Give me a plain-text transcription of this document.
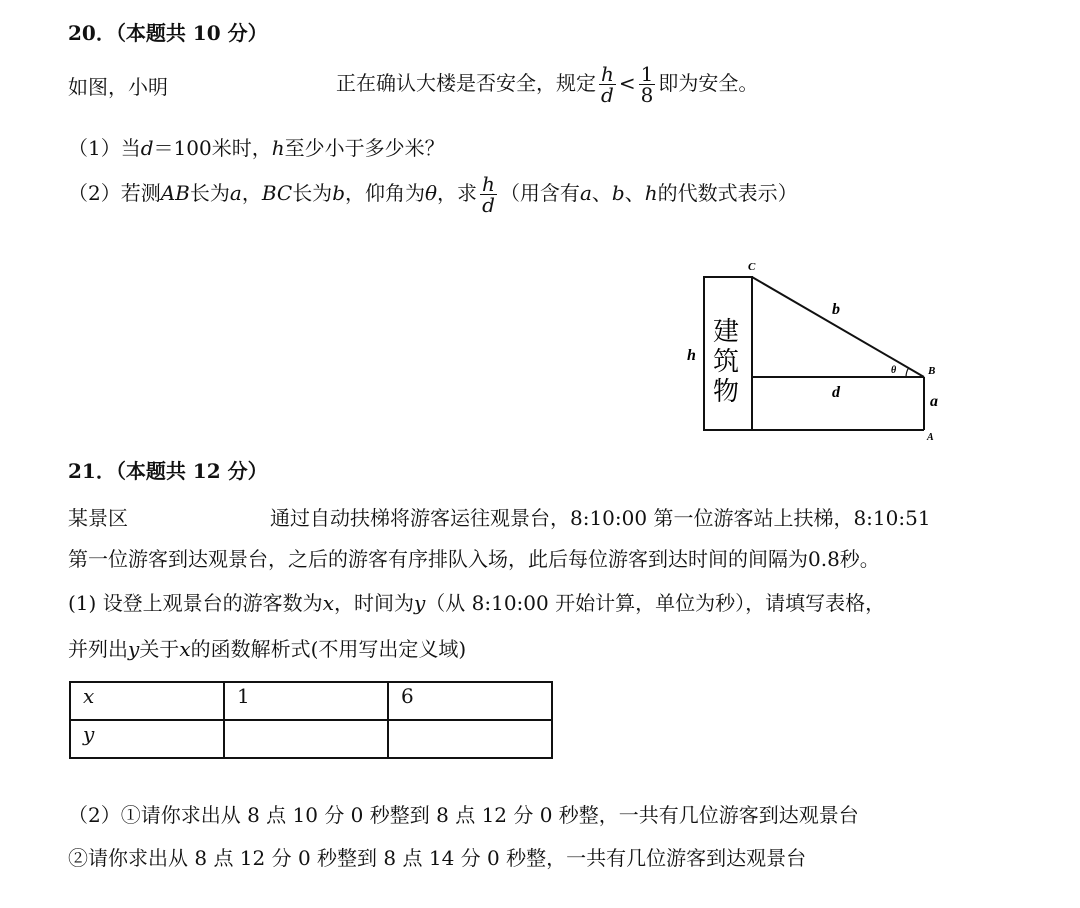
20．（本题共 10 分）
如图，小明	正在确认大楼是否安全，规定 $\frac{h}{d} < \frac{1}{8}$ 即为安全。
（1）当d＝100米时，h至少小于多少米？
（2）若测AB长为a，BC长为b，仰角为θ，求 $\frac{h}{d}$ （用含有a、b、h的代数式表示）
C
b
h
θ	B
d
a
A
建
筑
物
21．（本题共 12 分）
某景区	通过自动扶梯将游客运往观景台，8:10:00 第一位游客站上扶梯，8:10:51
第一位游客到达观景台，之后的游客有序排队入场，此后每位游客到达时间的间隔为0.8秒。
(1) 设登上观景台的游客数为x，时间为y（从 8:10:00 开始计算，单位为秒），请填写表格，
并列出y关于x的函数解析式(不用写出定义域)
x	1	6
y		
（2）①请你求出从 8 点 10 分 0 秒整到 8 点 12 分 0 秒整，一共有几位游客到达观景台
②请你求出从 8 点 12 分 0 秒整到 8 点 14 分 0 秒整，一共有几位游客到达观景台
